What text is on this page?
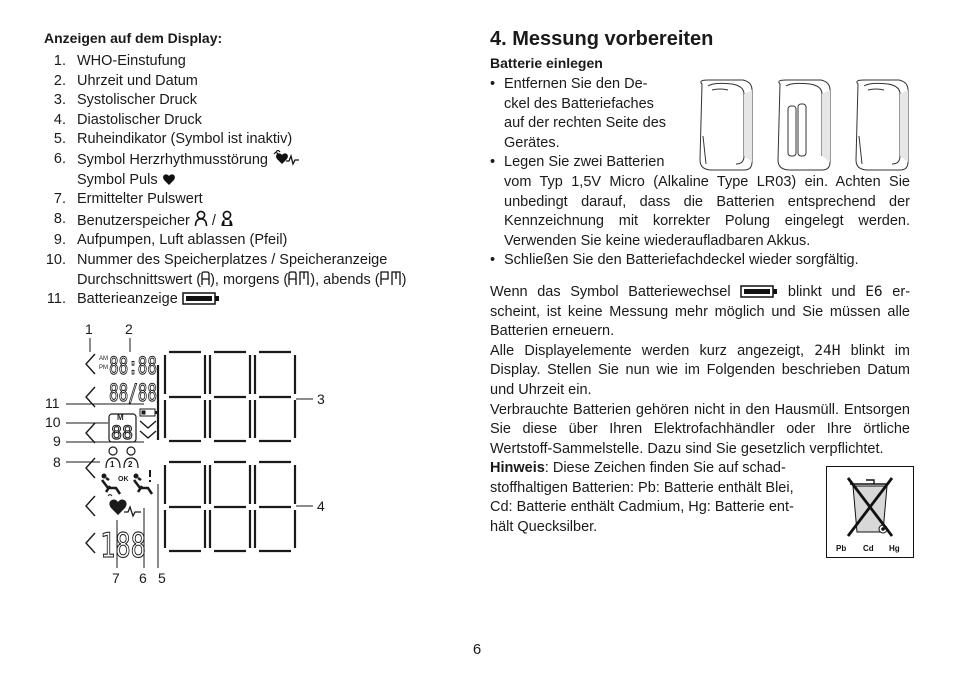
Anzeigen auf dem Display:
1. WHO-Einstufung
2. Uhrzeit und Datum
3. Systolischer Druck
4. Diastolischer Druck
5. Ruheindikator (Symbol ist inaktiv)
6. Symbol Herzrhythmusstörung
Symbol Puls
7. Ermittelter Pulswert
8. Benutzerspeicher /
9. Aufpumpen, Luft ablassen (Pfeil)
10. Nummer des Speicherplatzes / Speicheranzeige
Durchschnittswert ( ), morgens ( ), abends ( )
11. Batterieanzeige
1 2
3
4
5
6
7
8
9
10
11
AM
PM 88:88
88/88
M
88
1 2
OK
188
4. Messung vorbereiten
Batterie einlegen
• Entfernen Sie den De-
ckel des Batteriefaches
auf der rechten Seite des
Gerätes.
• Legen Sie zwei Batterien
vom Typ 1,5V Micro (Alkaline Type LR03) ein. Achten Sie unbedingt darauf, dass die Batterien entsprechend der Kennzeichnung mit korrekter Polung eingelegt werden. Verwenden Sie keine wiederaufladbaren Akkus.
• Schließen Sie den Batteriefachdeckel wieder sorgfältig.

Wenn das Symbol Batteriewechsel	blinkt und E6 er- scheint, ist keine Messung mehr möglich und Sie müssen alle Batterien erneuern.

Alle Displayelemente werden kurz angezeigt, 24H blinkt im Display. Stellen Sie nun wie im Folgenden beschrieben Datum und Uhrzeit ein.

Verbrauchte Batterien gehören nicht in den Hausmüll. Entsorgen Sie diese über Ihren Elektrofachhändler oder Ihre örtliche Wertstoff-Sammelstelle. Dazu sind Sie gesetzlich verpflichtet.

Hinweis: Diese Zeichen finden Sie auf schad-
stoffhaltigen Batterien: Pb: Batterie enthält Blei,
Cd: Batterie enthält Cadmium, Hg: Batterie ent-
hält Quecksilber.

Pb Cd Hg
6
